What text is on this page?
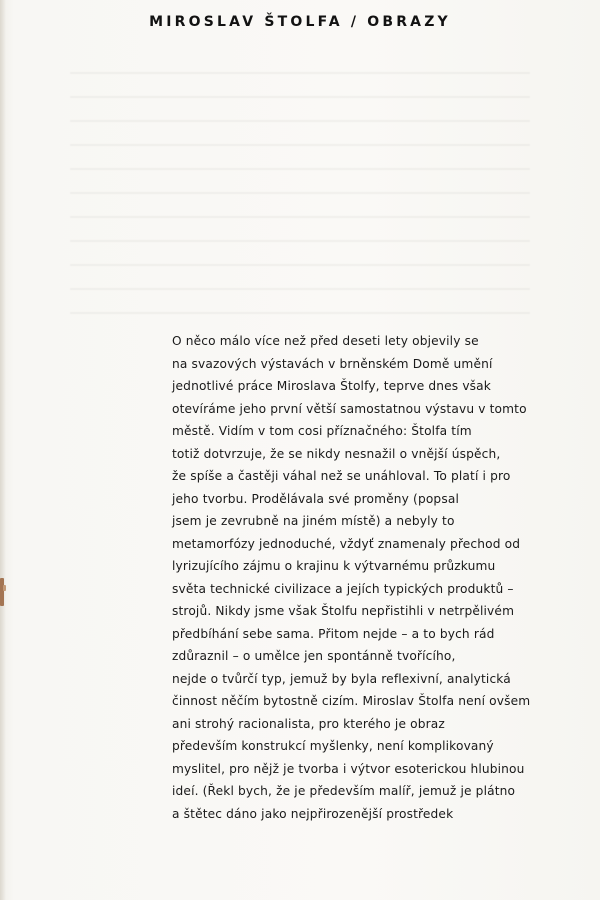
MIROSLAV ŠTOLFA / OBRAZY
O něco málo více než před deseti lety objevily se
na svazových výstavách v brněnském Domě umění
jednotlivé práce Miroslava Štolfy, teprve dnes však
otevíráme jeho první větší samostatnou výstavu v tomto
městě. Vidím v tom cosi příznačného: Štolfa tím
totiž dotvrzuje, že se nikdy nesnažil o vnější úspěch,
že spíše a častěji váhal než se unáhloval. To platí i pro
jeho tvorbu. Prodělávala své proměny (popsal
jsem je zevrubně na jiném místě) a nebyly to
metamorfózy jednoduché, vždyť znamenaly přechod od
lyrizujícího zájmu o krajinu k výtvarnému průzkumu
světa technické civilizace a jejích typických produktů –
strojů. Nikdy jsme však Štolfu nepřistihli v netrpělivém
předbíhání sebe sama. Přitom nejde – a to bych rád
zdůraznil – o umělce jen spontánně tvořícího,
nejde o tvůrčí typ, jemuž by byla reflexivní, analytická
činnost něčím bytostně cizím. Miroslav Štolfa není ovšem
ani strohý racionalista, pro kterého je obraz
především konstrukcí myšlenky, není komplikovaný
myslitel, pro nějž je tvorba i výtvor esoterickou hlubinou
ideí. (Řekl bych, že je především malíř, jemuž je plátno
a štětec dáno jako nejpřirozenější prostředek
